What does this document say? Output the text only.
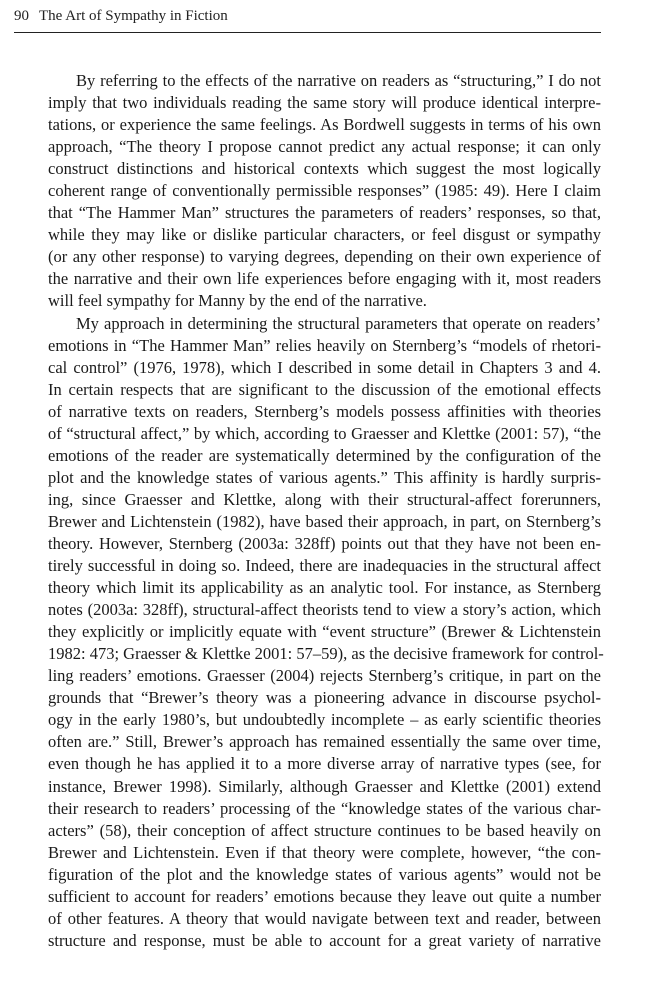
90 The Art of Sympathy in Fiction
By referring to the effects of the narrative on readers as “structuring,” I do not
imply that two individuals reading the same story will produce identical interpre-
tations, or experience the same feelings. As Bordwell suggests in terms of his own
approach, “The theory I propose cannot predict any actual response; it can only
construct distinctions and historical contexts which suggest the most logically
coherent range of conventionally permissible responses” (1985: 49). Here I claim
that “The Hammer Man” structures the parameters of readers’ responses, so that,
while they may like or dislike particular characters, or feel disgust or sympathy
(or any other response) to varying degrees, depending on their own experience of
the narrative and their own life experiences before engaging with it, most readers
will feel sympathy for Manny by the end of the narrative.
My approach in determining the structural parameters that operate on readers’
emotions in “The Hammer Man” relies heavily on Sternberg’s “models of rhetori-
cal control” (1976, 1978), which I described in some detail in Chapters 3 and 4.
In certain respects that are significant to the discussion of the emotional effects
of narrative texts on readers, Sternberg’s models possess affinities with theories
of “structural affect,” by which, according to Graesser and Klettke (2001: 57), “the
emotions of the reader are systematically determined by the configuration of the
plot and the knowledge states of various agents.” This affinity is hardly surpris-
ing, since Graesser and Klettke, along with their structural-affect forerunners,
Brewer and Lichtenstein (1982), have based their approach, in part, on Sternberg’s
theory. However, Sternberg (2003a: 328ff) points out that they have not been en-
tirely successful in doing so. Indeed, there are inadequacies in the structural affect
theory which limit its applicability as an analytic tool. For instance, as Sternberg
notes (2003a: 328ff), structural-affect theorists tend to view a story’s action, which
they explicitly or implicitly equate with “event structure” (Brewer & Lichtenstein
1982: 473; Graesser & Klettke 2001: 57–59), as the decisive framework for control-
ling readers’ emotions. Graesser (2004) rejects Sternberg’s critique, in part on the
grounds that “Brewer’s theory was a pioneering advance in discourse psychol-
ogy in the early 1980’s, but undoubtedly incomplete – as early scientific theories
often are.” Still, Brewer’s approach has remained essentially the same over time,
even though he has applied it to a more diverse array of narrative types (see, for
instance, Brewer 1998). Similarly, although Graesser and Klettke (2001) extend
their research to readers’ processing of the “knowledge states of the various char-
acters” (58), their conception of affect structure continues to be based heavily on
Brewer and Lichtenstein. Even if that theory were complete, however, “the con-
figuration of the plot and the knowledge states of various agents” would not be
sufficient to account for readers’ emotions because they leave out quite a number
of other features. A theory that would navigate between text and reader, between
structure and response, must be able to account for a great variety of narrative
